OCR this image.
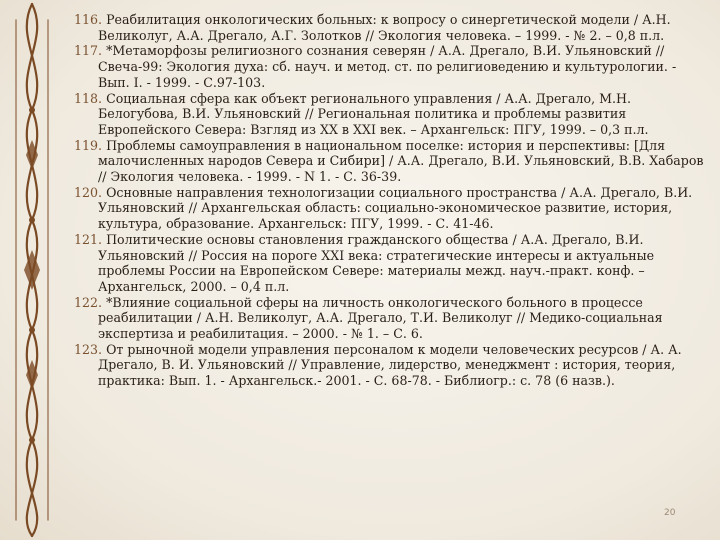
116. Реабилитация онкологических больных: к вопросу о синергетической модели / А.Н. Великолуг, А.А. Дрегало, А.Г. Золотков // Экология человека. – 1999. - № 2. – 0,8 п.л.

117. *Метаморфозы религиозного сознания северян / А.А. Дрегало, В.И. Ульяновский // Свеча-99: Экология духа: сб. науч. и метод. ст. по религиоведению и культурологии. - Вып. I. - 1999. - С.97-103.

118. Социальная сфера как объект регионального управления / А.А. Дрегало, М.Н. Белогубова, В.И. Ульяновский // Региональная политика и проблемы развития Европейского Севера: Взгляд из XX в XXI век. – Архангельск: ПГУ, 1999. – 0,3 п.л.

119. Проблемы самоуправления в национальном поселке: история и перспективы: [Для малочисленных народов Севера и Сибири] / А.А. Дрегало, В.И. Ульяновский, В.В. Хабаров // Экология человека. - 1999. - N 1. - С. 36-39.

120. Основные направления технологизации социального пространства / А.А. Дрегало, В.И. Ульяновский // Архангельская область: социально-экономическое развитие, история, культура, образование. Архангельск: ПГУ, 1999. - С. 41-46.

121. Политические основы становления гражданского общества / А.А. Дрегало, В.И. Ульяновский // Россия на пороге XXI века: стратегические интересы и актуальные проблемы России на Европейском Севере: материалы межд. науч.-практ. конф. – Архангельск, 2000. – 0,4 п.л.

122. *Влияние социальной сферы на личность онкологического больного в процессе реабилитации / А.Н. Великолуг, А.А. Дрегало, Т.И. Великолуг // Медико-социальная экспертиза и реабилитация. – 2000. - № 1. – С. 6.

123. От рыночной модели управления персоналом к модели человеческих ресурсов / А. А. Дрегало, В. И. Ульяновский // Управление, лидерство, менеджмент : история, теория, практика: Вып. 1. - Архангельск.- 2001. - С. 68-78. - Библиогр.: с. 78 (6 назв.).

20
